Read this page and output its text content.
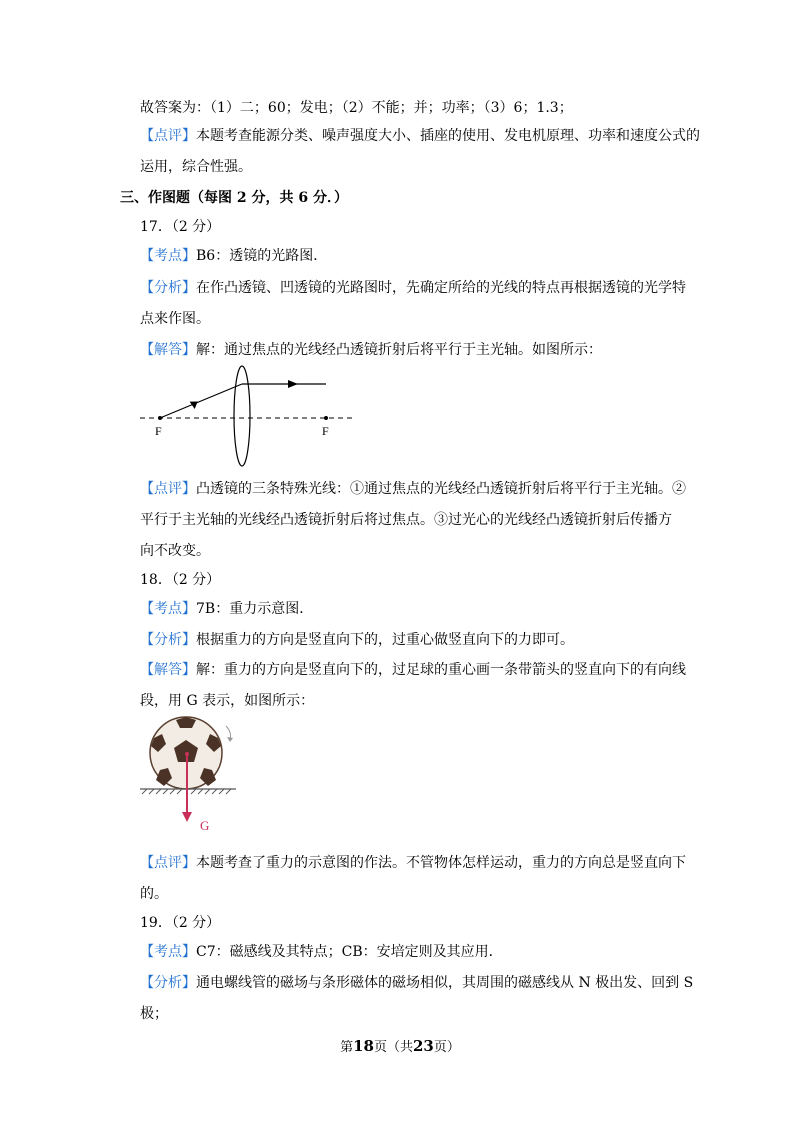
故答案为：（1）二；60；发电；（2）不能；并；功率；（3）6；1.3；
【点评】本题考查能源分类、噪声强度大小、插座的使用、发电机原理、功率和速度公式的
运用，综合性强。
三、作图题（每图 2 分，共 6 分．）
17．（2 分）
【考点】B6：透镜的光路图．
【分析】在作凸透镜、凹透镜的光路图时，先确定所给的光线的特点再根据透镜的光学特
点来作图。
【解答】解：通过焦点的光线经凸透镜折射后将平行于主光轴。如图所示：
F	F
【点评】凸透镜的三条特殊光线：①通过焦点的光线经凸透镜折射后将平行于主光轴。②
平行于主光轴的光线经凸透镜折射后将过焦点。③过光心的光线经凸透镜折射后传播方
向不改变。
18．（2 分）
【考点】7B：重力示意图．
【分析】根据重力的方向是竖直向下的，过重心做竖直向下的力即可。
【解答】解：重力的方向是竖直向下的，过足球的重心画一条带箭头的竖直向下的有向线
段，用 G 表示，如图所示：
G
【点评】本题考查了重力的示意图的作法。不管物体怎样运动，重力的方向总是竖直向下
的。
19．（2 分）
【考点】C7：磁感线及其特点；CB：安培定则及其应用．
【分析】通电螺线管的磁场与条形磁体的磁场相似，其周围的磁感线从 N 极出发、回到 S
极；
第18页（共23页）
